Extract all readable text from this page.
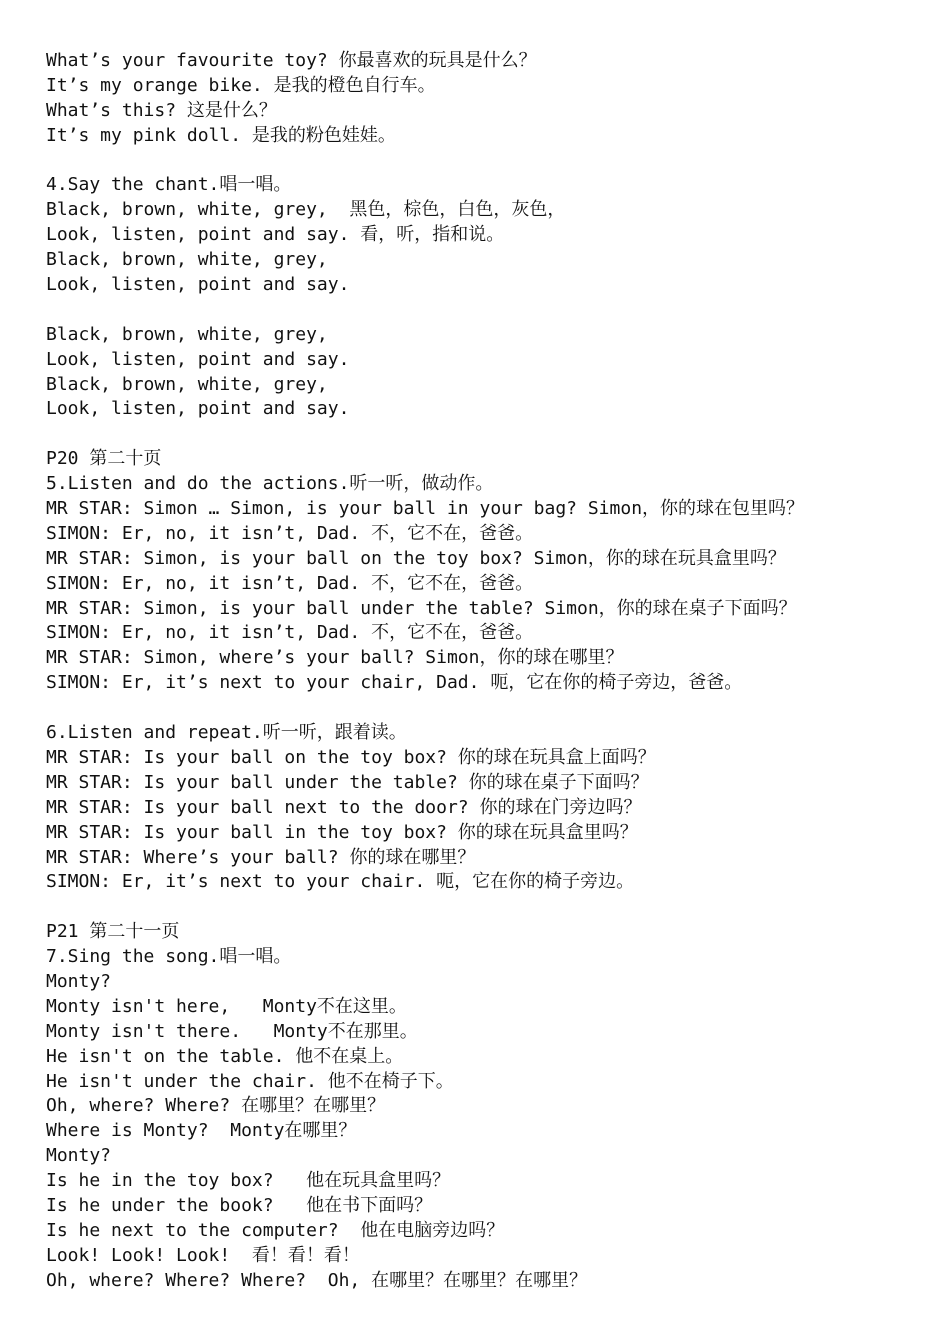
What’s your favourite toy? 你最喜欢的玩具是什么？
It’s my orange bike. 是我的橙色自行车。
What’s this? 这是什么？
It’s my pink doll. 是我的粉色娃娃。
4.Say the chant.唱一唱。
Black, brown, white, grey,  黑色，棕色，白色，灰色，
Look, listen, point and say. 看，听，指和说。
Black, brown, white, grey,
Look, listen, point and say.
Black, brown, white, grey,
Look, listen, point and say.
Black, brown, white, grey,
Look, listen, point and say.
P20 第二十页
5.Listen and do the actions.听一听，做动作。
MR STAR: Simon … Simon, is your ball in your bag? Simon，你的球在包里吗？
SIMON: Er, no, it isn’t, Dad. 不，它不在，爸爸。
MR STAR: Simon, is your ball on the toy box? Simon，你的球在玩具盒里吗？
SIMON: Er, no, it isn’t, Dad. 不，它不在，爸爸。
MR STAR: Simon, is your ball under the table? Simon，你的球在桌子下面吗？
SIMON: Er, no, it isn’t, Dad. 不，它不在，爸爸。
MR STAR: Simon, where’s your ball? Simon，你的球在哪里？
SIMON: Er, it’s next to your chair, Dad. 呃，它在你的椅子旁边，爸爸。
6.Listen and repeat.听一听，跟着读。
MR STAR: Is your ball on the toy box? 你的球在玩具盒上面吗？
MR STAR: Is your ball under the table? 你的球在桌子下面吗？
MR STAR: Is your ball next to the door? 你的球在门旁边吗？
MR STAR: Is your ball in the toy box? 你的球在玩具盒里吗？
MR STAR: Where’s your ball? 你的球在哪里？
SIMON: Er, it’s next to your chair. 呃，它在你的椅子旁边。
P21 第二十一页
7.Sing the song.唱一唱。
Monty?
Monty isn't here,   Monty不在这里。
Monty isn't there.   Monty不在那里。
He isn't on the table. 他不在桌上。
He isn't under the chair. 他不在椅子下。
Oh, where? Where? 在哪里？在哪里？
Where is Monty?  Monty在哪里？
Monty?
Is he in the toy box?   他在玩具盒里吗？
Is he under the book?   他在书下面吗？
Is he next to the computer?  他在电脑旁边吗？
Look! Look! Look!  看！看！看！
Oh, where? Where? Where?  Oh, 在哪里？在哪里？在哪里？
